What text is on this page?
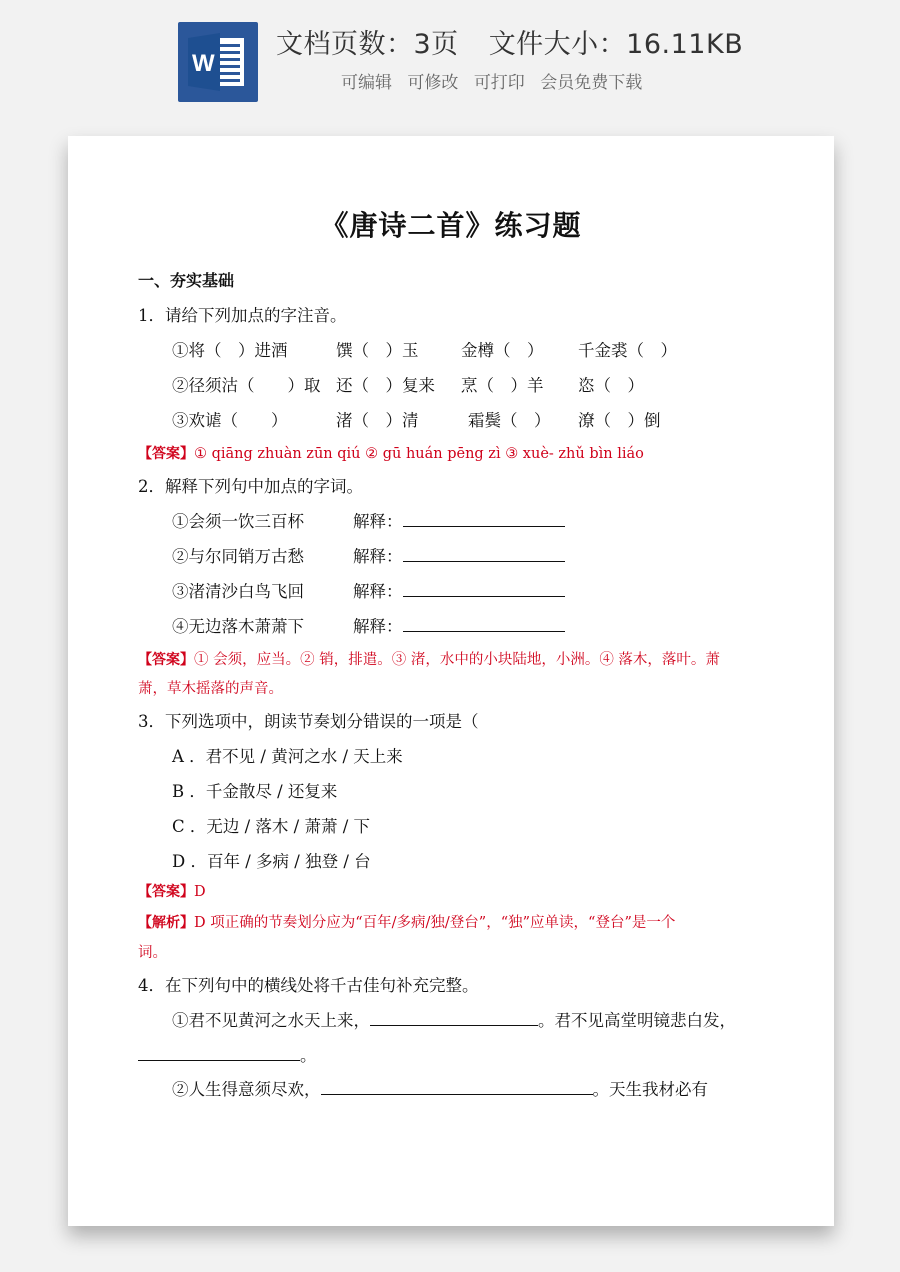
W
文档页数：3页 文件大小：16.11KB
可编辑 可修改 可打印 会员免费下载
《唐诗二首》练习题
一、夯实基础
1．请给下列加点的字注音。
①将（　）进酒	馔（　）玉	金樽（　） 千金裘（　）
②径须沽（　　）取 还（　）复来 烹（　）羊 恣（　）
③欢谑（　　）	渚（　）清	霜鬓（　） 潦（　）倒
【答案】① qiāng zhuàn zūn qiú ② gū huán pēng zì ③ xuè- zhǔ bìn liáo
2．解释下列句中加点的字词。
①会须一饮三百杯	解释：
②与尔同销万古愁	解释：
③渚清沙白鸟飞回	解释：
④无边落木萧萧下	解释：
【答案】① 会须，应当。② 销，排遣。③ 渚，水中的小块陆地，小洲。④ 落木，落叶。萧
萧，草木摇落的声音。
3．下列选项中，朗读节奏划分错误的一项是（
A ．君不见 / 黄河之水 / 天上来
B ．千金散尽 / 还复来
C ．无边 / 落木 / 萧萧 / 下
D ．百年 / 多病 / 独登 / 台
【答案】D
【解析】D 项正确的节奏划分应为“百年/多病/独/登台”，“独”应单读，“登台”是一个
词。
4．在下列句中的横线处将千古佳句补充完整。
①君不见黄河之水天上来，	。君不见高堂明镜悲白发，
。
②人生得意须尽欢，	。天生我材必有
